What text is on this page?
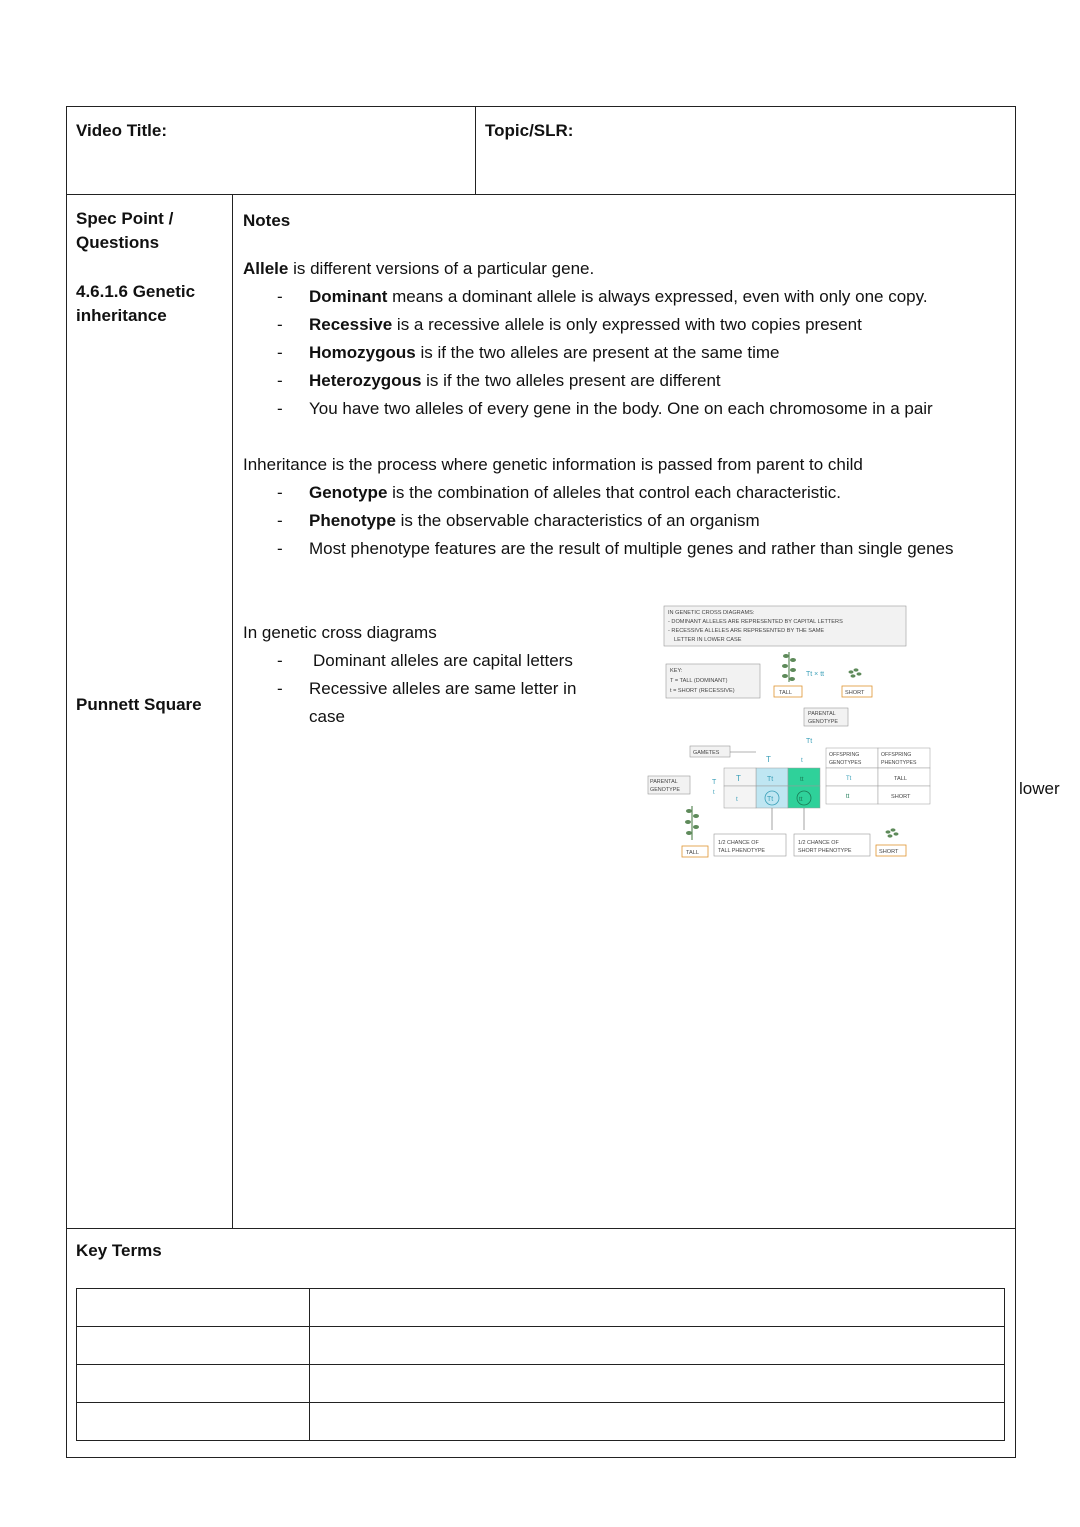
Video Title:	Topic/SLR:
Spec Point /
Questions
4.6.1.6 Genetic
inheritance
Punnett Square
Notes

Allele is different versions of a particular gene.

- Dominant means a dominant allele is always expressed, even with only one copy.
- Recessive is a recessive allele is only expressed with two copies present
- Homozygous is if the two alleles are present at the same time
- Heterozygous is if the two alleles present are different
- You have two alleles of every gene in the body. One on each chromosome in a pair

Inheritance is the process where genetic information is passed from parent to child

- Genotype is the combination of alleles that control each characteristic.
- Phenotype is the observable characteristics of an organism
- Most phenotype features are the result of multiple genes and rather than single genes

In genetic cross diagrams

- Dominant alleles are capital letters
- Recessive alleles are same letter in case
lower
Key Terms

IN GENETIC CROSS DIAGRAMS:
- DOMINANT ALLELES ARE REPRESENTED BY CAPITAL LETTERS
- RECESSIVE ALLELES ARE REPRESENTED BY THE SAME
LETTER IN LOWER CASE
KEY:
T = TALL (DOMINANT)
t = SHORT (RECESSIVE)
Tt × tt
TALL	SHORT
PARENTAL
GENOTYPE
Tt
GAMETES
T	t
T
t
Tt	tt
Tt	tt
PARENTAL
GENOTYPE
T
t
OFFSPRING
GENOTYPES
OFFSPRING
PHENOTYPES
Tt	TALL
tt	SHORT
TALL
1/2 CHANCE OF
TALL PHENOTYPE
1/2 CHANCE OF
SHORT PHENOTYPE	SHORT
